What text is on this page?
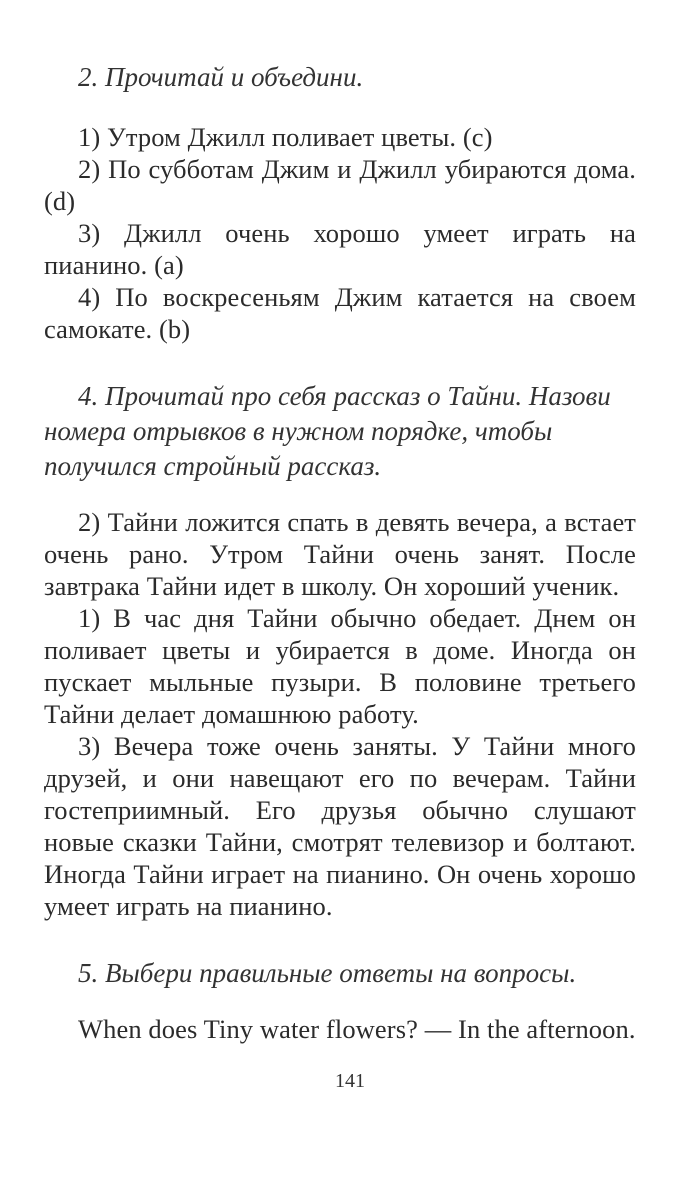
2. Прочитай и объедини.

1) Утром Джилл поливает цветы. (c)

2) По субботам Джим и Джилл убираются дома. (d)

3) Джилл очень хорошо умеет играть на пианино. (a)

4) По воскресеньям Джим катается на своем самокате. (b)

4. Прочитай про себя рассказ о Тайни. Назови номера отрывков в нужном порядке, чтобы получился стройный рассказ.

2) Тайни ложится спать в девять вечера, а встает очень рано. Утром Тайни очень занят. После завтрака Тайни идет в школу. Он хороший ученик.

1) В час дня Тайни обычно обедает. Днем он поливает цветы и убирается в доме. Иногда он пускает мыльные пузыри. В половине третьего Тайни делает домашнюю работу.

3) Вечера тоже очень заняты. У Тайни много друзей, и они навещают его по вечерам. Тайни гостеприимный. Его друзья обычно слушают новые сказки Тайни, смотрят телевизор и болтают. Иногда Тайни играет на пианино. Он очень хорошо умеет играть на пианино.

5. Выбери правильные ответы на вопросы.

When does Tiny water flowers? — In the afternoon.

141
